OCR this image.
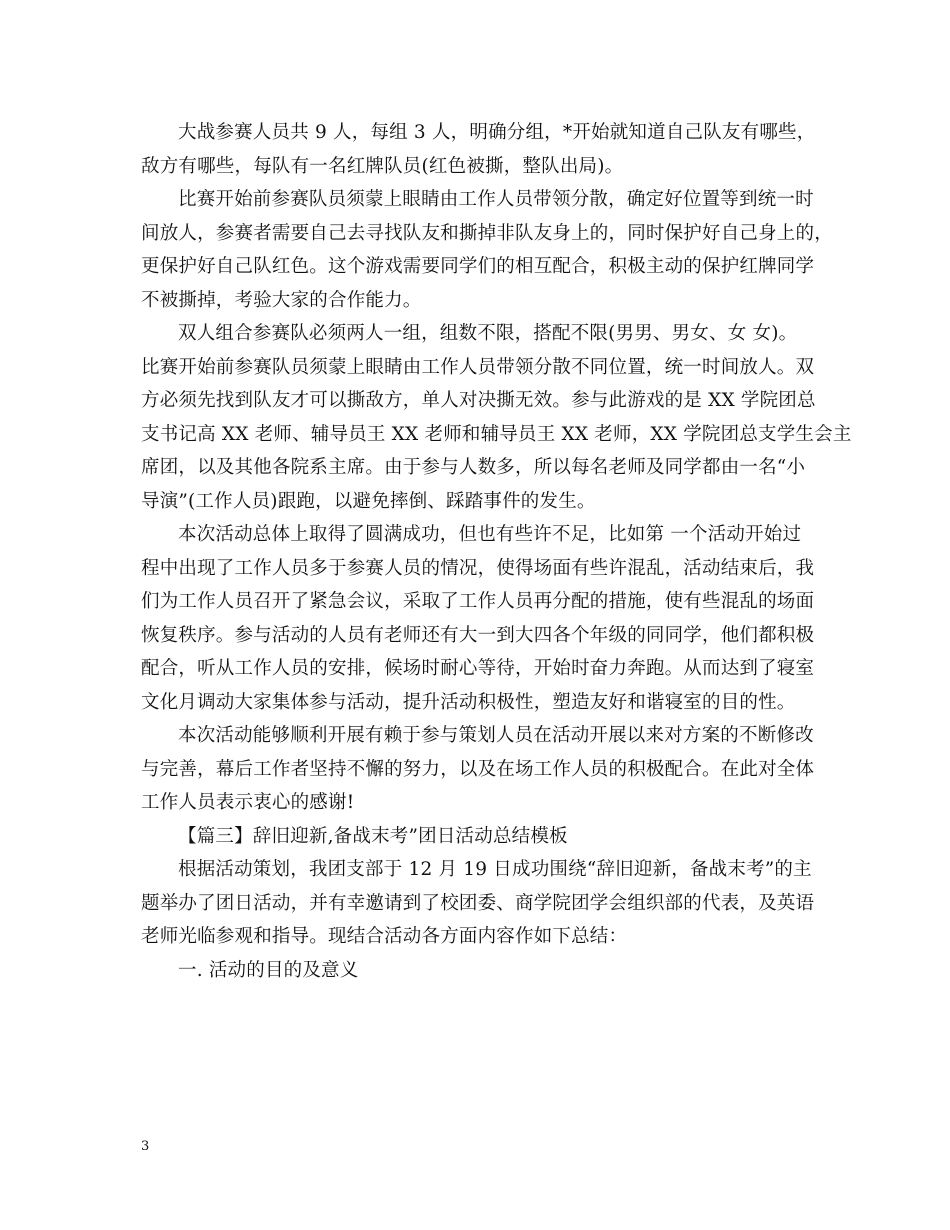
大战参赛人员共 9 人，每组 3 人，明确分组，*开始就知道自己队友有哪些，
敌方有哪些，每队有一名红牌队员(红色被撕，整队出局)。
比赛开始前参赛队员须蒙上眼睛由工作人员带领分散，确定好位置等到统一时
间放人，参赛者需要自己去寻找队友和撕掉非队友身上的，同时保护好自己身上的，
更保护好自己队红色。这个游戏需要同学们的相互配合，积极主动的保护红牌同学
不被撕掉，考验大家的合作能力。
双人组合参赛队必须两人一组，组数不限，搭配不限(男男、男女、女 女)。
比赛开始前参赛队员须蒙上眼睛由工作人员带领分散不同位置，统一时间放人。双
方必须先找到队友才可以撕敌方，单人对决撕无效。参与此游戏的是 XX 学院团总
支书记高 XX 老师、辅导员王 XX 老师和辅导员王 XX 老师，XX 学院团总支学生会主
席团，以及其他各院系主席。由于参与人数多，所以每名老师及同学都由一名“小
导演”(工作人员)跟跑，以避免摔倒、踩踏事件的发生。
本次活动总体上取得了圆满成功，但也有些许不足，比如第 一个活动开始过
程中出现了工作人员多于参赛人员的情况，使得场面有些许混乱，活动结束后，我
们为工作人员召开了紧急会议，采取了工作人员再分配的措施，使有些混乱的场面
恢复秩序。参与活动的人员有老师还有大一到大四各个年级的同同学，他们都积极
配合，听从工作人员的安排，候场时耐心等待，开始时奋力奔跑。从而达到了寝室
文化月调动大家集体参与活动，提升活动积极性，塑造友好和谐寝室的目的性。
本次活动能够顺利开展有赖于参与策划人员在活动开展以来对方案的不断修改
与完善，幕后工作者坚持不懈的努力，以及在场工作人员的积极配合。在此对全体
工作人员表示衷心的感谢!
【篇三】辞旧迎新,备战末考”团日活动总结模板
根据活动策划，我团支部于 12 月 19 日成功围绕“辞旧迎新，备战末考”的主
题举办了团日活动，并有幸邀请到了校团委、商学院团学会组织部的代表，及英语
老师光临参观和指导。现结合活动各方面内容作如下总结：
一. 活动的目的及意义
3
